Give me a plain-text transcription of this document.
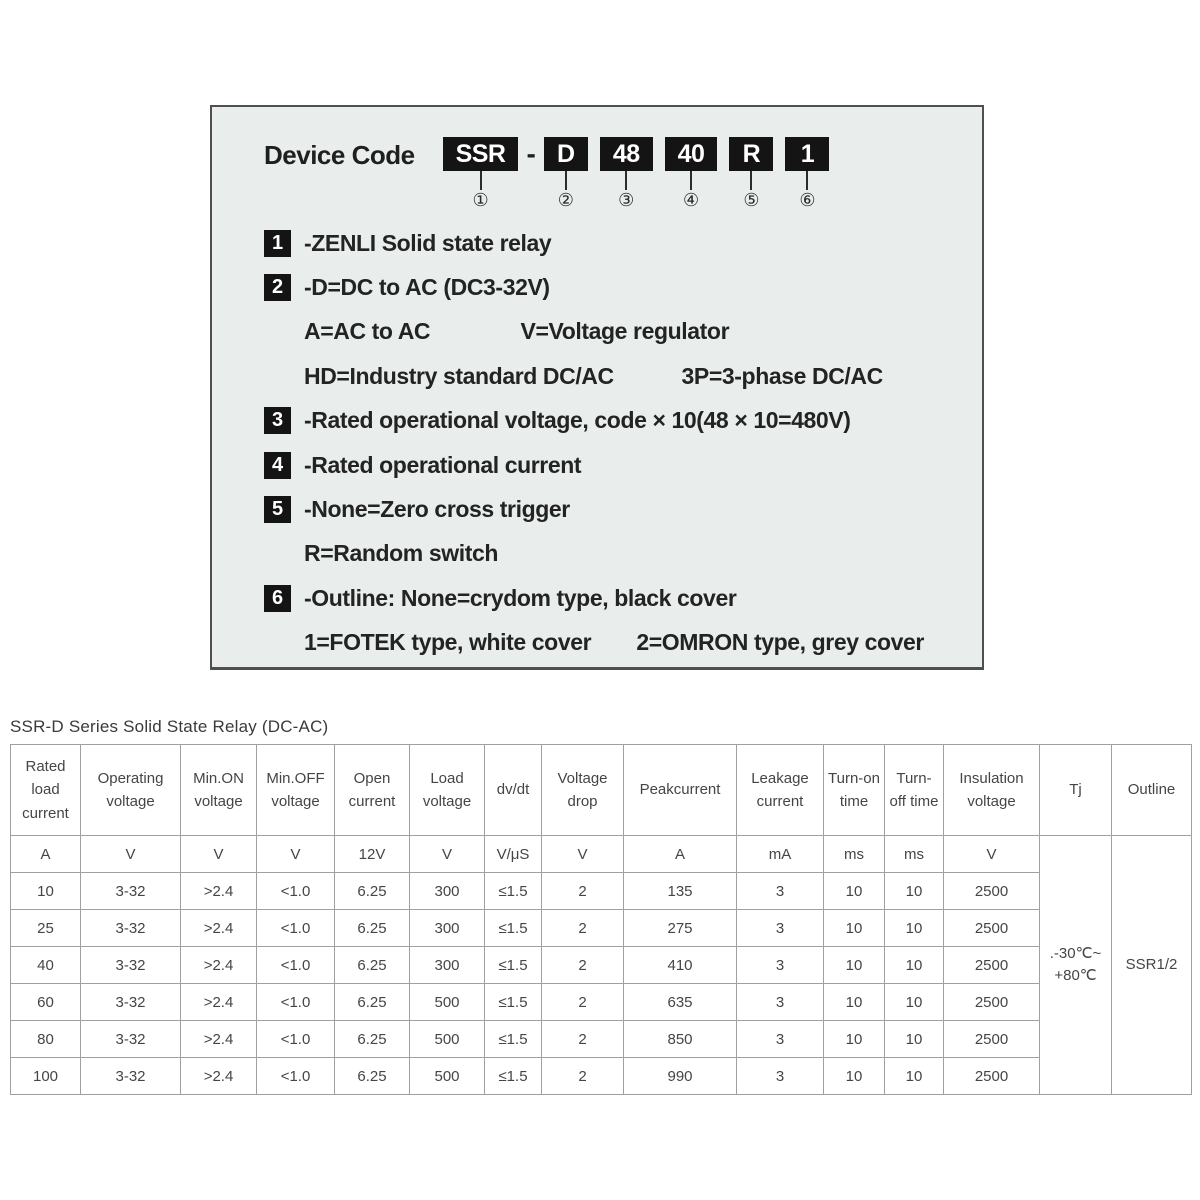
Device Code	SSR
①
- D
②
48
③
40
④
R
⑤
1
⑥
1 -ZENLI Solid state relay
2 -D=DC to AC (DC3-32V)
A=AC to AC    V=Voltage regulator
HD=Industry standard DC/AC   3P=3-phase DC/AC
3 -Rated operational voltage, code × 10(48 × 10=480V)
4 -Rated operational current
5 -None=Zero cross trigger
R=Random switch
6 -Outline: None=crydom type, black cover
1=FOTEK type, white cover  2=OMRON type, grey cover
SSR-D Series Solid State Relay (DC-AC)
Rated load current	Operating voltage	Min.ON voltage	Min.OFF voltage	Open current	Load voltage	dv/dt	Voltage drop	Peakcurrent	Leakage current	Turn-on time	Turn-off time	Insulation voltage	Tj	Outline
A	V	V	V	12V	V	V/μS	V	A	mA	ms	ms	V	.-30℃~ +80℃	SSR1/2
10	3-32	>2.4	<1.0	6.25	300	≤1.5	2	135	3	10	10	2500		
25	3-32	>2.4	<1.0	6.25	300	≤1.5	2	275	3	10	10	2500		
40	3-32	>2.4	<1.0	6.25	300	≤1.5	2	410	3	10	10	2500		
60	3-32	>2.4	<1.0	6.25	500	≤1.5	2	635	3	10	10	2500		
80	3-32	>2.4	<1.0	6.25	500	≤1.5	2	850	3	10	10	2500		
100	3-32	>2.4	<1.0	6.25	500	≤1.5	2	990	3	10	10	2500		
